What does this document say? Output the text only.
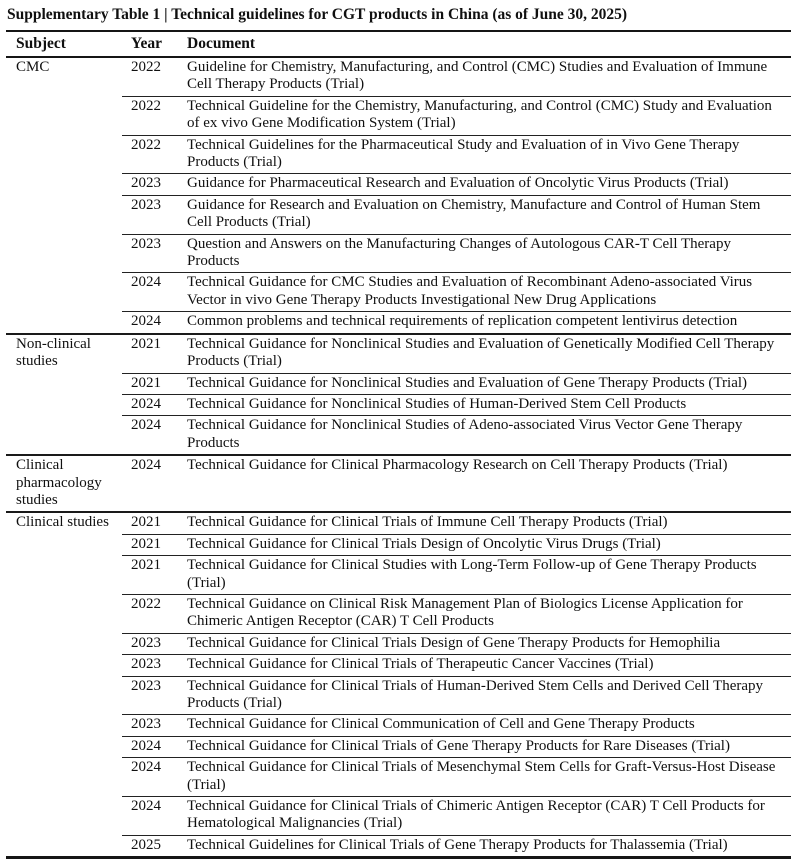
Supplementary Table 1 | Technical guidelines for CGT products in China (as of June 30, 2025)
Subject	Year	Document
CMC	2022	Guideline for Chemistry, Manufacturing, and Control (CMC) Studies and Evaluation of Immune Cell Therapy Products (Trial)
	2022	Technical Guideline for the Chemistry, Manufacturing, and Control (CMC) Study and Evaluation of ex vivo Gene Modification System (Trial)
	2022	Technical Guidelines for the Pharmaceutical Study and Evaluation of in Vivo Gene Therapy Products (Trial)
	2023	Guidance for Pharmaceutical Research and Evaluation of Oncolytic Virus Products (Trial)
	2023	Guidance for Research and Evaluation on Chemistry, Manufacture and Control of Human Stem Cell Products (Trial)
	2023	Question and Answers on the Manufacturing Changes of Autologous CAR-T Cell Therapy Products
	2024	Technical Guidance for CMC Studies and Evaluation of Recombinant Adeno-associated Virus Vector in vivo Gene Therapy Products Investigational New Drug Applications
	2024	Common problems and technical requirements of replication competent lentivirus detection
Non-clinical studies	2021	Technical Guidance for Nonclinical Studies and Evaluation of Genetically Modified Cell Therapy Products (Trial)
	2021	Technical Guidance for Nonclinical Studies and Evaluation of Gene Therapy Products (Trial)
	2024	Technical Guidance for Nonclinical Studies of Human-Derived Stem Cell Products
	2024	Technical Guidance for Nonclinical Studies of Adeno-associated Virus Vector Gene Therapy Products
Clinical pharmacology studies	2024	Technical Guidance for Clinical Pharmacology Research on Cell Therapy Products (Trial)
Clinical studies	2021	Technical Guidance for Clinical Trials of Immune Cell Therapy Products (Trial)
	2021	Technical Guidance for Clinical Trials Design of Oncolytic Virus Drugs (Trial)
	2021	Technical Guidance for Clinical Studies with Long-Term Follow-up of Gene Therapy Products (Trial)
	2022	Technical Guidance on Clinical Risk Management Plan of Biologics License Application for Chimeric Antigen Receptor (CAR) T Cell Products
	2023	Technical Guidance for Clinical Trials Design of Gene Therapy Products for Hemophilia
	2023	Technical Guidance for Clinical Trials of Therapeutic Cancer Vaccines (Trial)
	2023	Technical Guidance for Clinical Trials of Human-Derived Stem Cells and Derived Cell Therapy Products (Trial)
	2023	Technical Guidance for Clinical Communication of Cell and Gene Therapy Products
	2024	Technical Guidance for Clinical Trials of Gene Therapy Products for Rare Diseases (Trial)
	2024	Technical Guidance for Clinical Trials of Mesenchymal Stem Cells for Graft-Versus-Host Disease (Trial)
	2024	Technical Guidance for Clinical Trials of Chimeric Antigen Receptor (CAR) T Cell Products for Hematological Malignancies (Trial)
	2025	Technical Guidelines for Clinical Trials of Gene Therapy Products for Thalassemia (Trial)
